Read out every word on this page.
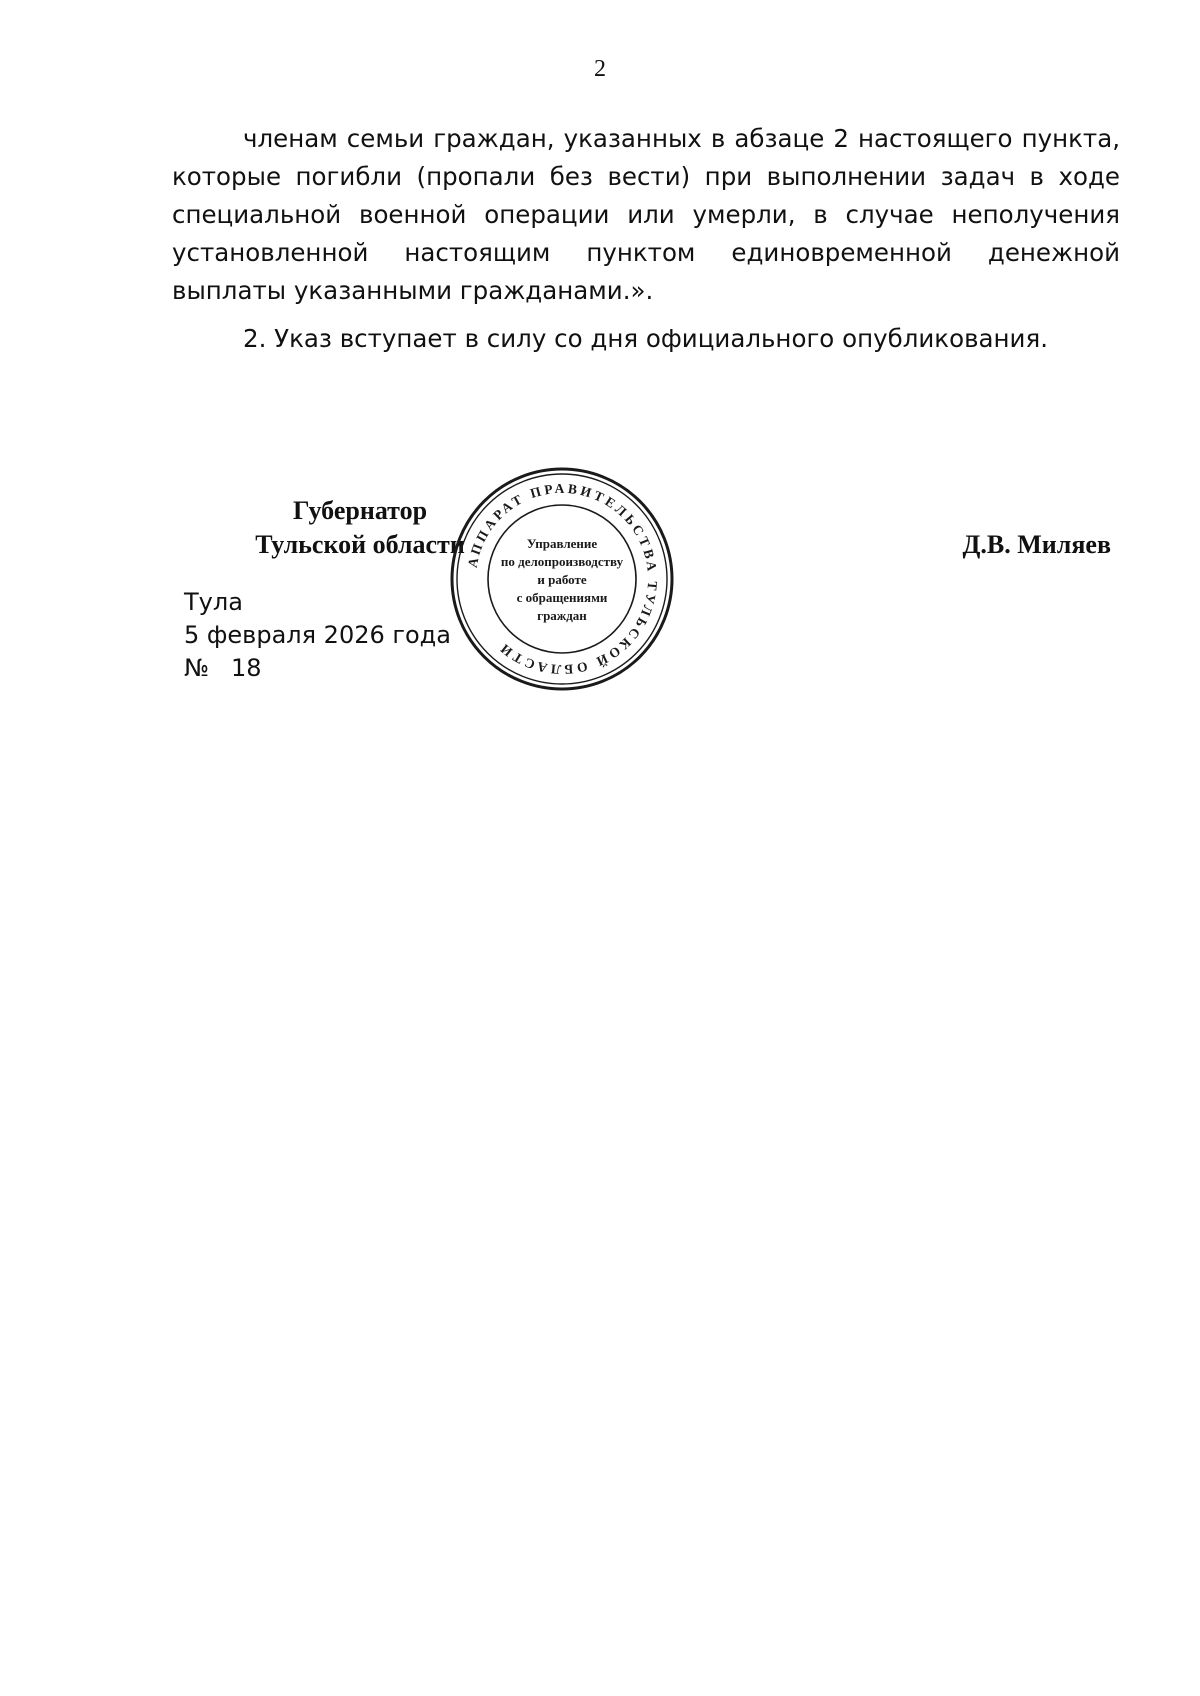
2

членам семьи граждан, указанных в абзаце 2 настоящего пункта, которые погибли (пропали без вести) при выполнении задач в ходе специальной военной операции или умерли, в случае неполучения установленной настоящим пунктом единовременной денежной выплаты указанными гражданами.».

2. Указ вступает в силу со дня официального опубликования.

Губернатор
Тульской области	Д.В. Миляев
Тула
5 февраля 2026 года
№ 18
АППАРАТ ПРАВИТЕЛЬСТВА ТУЛЬСКОЙ ОБЛАСТИ
Управление
по делопроизводству
и работе
с обращениями
граждан
